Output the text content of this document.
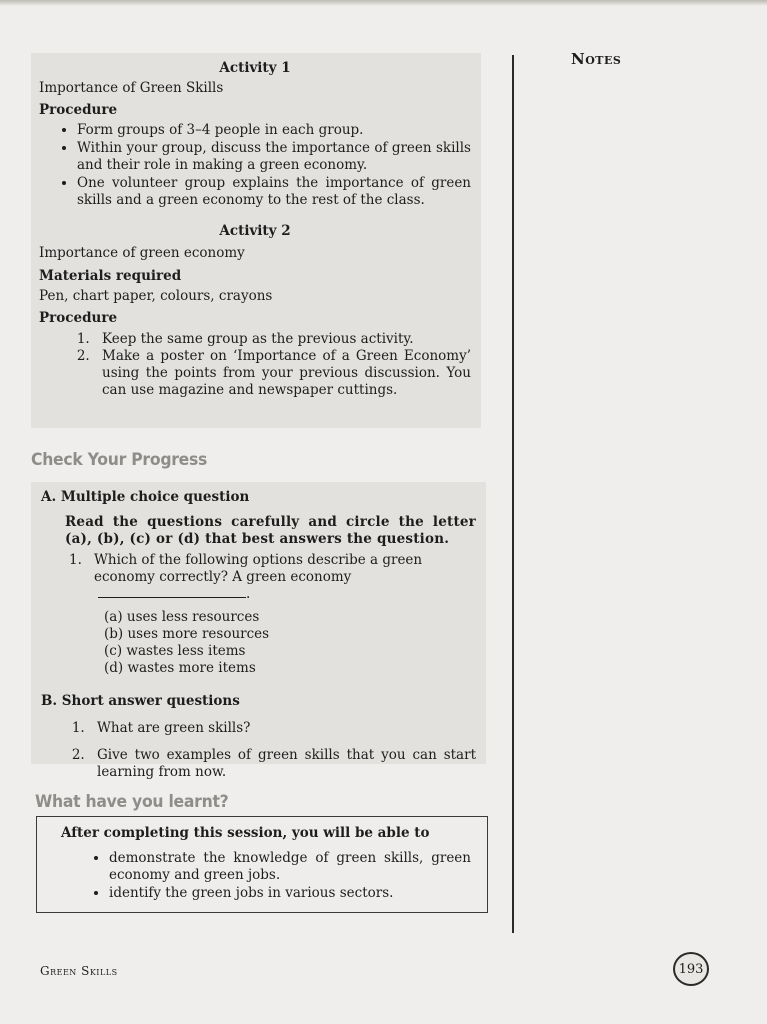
Activity 1
Importance of Green Skills
Procedure
• Form groups of 3–4 people in each group.
• Within your group, discuss the importance of green skills and their role in making a green economy.
• One volunteer group explains the importance of green skills and a green economy to the rest of the class.
Activity 2
Importance of green economy
Materials required
Pen, chart paper, colours, crayons
Procedure
1. Keep the same group as the previous activity.
2. Make a poster on ‘Importance of a Green Economy’ using the points from your previous discussion. You can use magazine and newspaper cuttings.
Check Your Progress
A. Multiple choice question
Read the questions carefully and circle the letter (a), (b), (c) or (d) that best answers the question.
1. Which of the following options describe a green economy correctly? A green economy.
(a) uses less resources
(b) uses more resources
(c) wastes less items
(d) wastes more items
B. Short answer questions
1. What are green skills?
2. Give two examples of green skills that you can start learning from now.
What have you learnt?
After completing this session, you will be able to
• demonstrate the knowledge of green skills, green economy and green jobs.
• identify the green jobs in various sectors.
Notes
Green Skills	193
